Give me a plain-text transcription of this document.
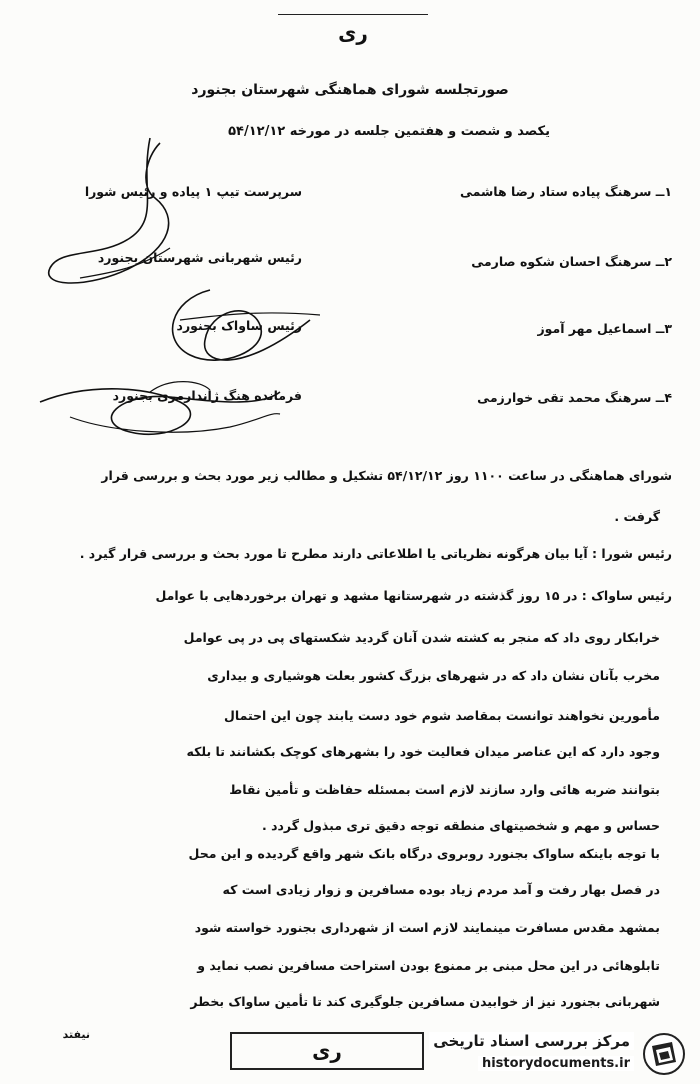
ری
صورتجلسه شورای هماهنگی شهرستان بجنورد
یکصد و شصت و هفتمین جلسه در مورخه ۵۴/۱۲/۱۲
۱ــ سرهنگ پیاده ستاد رضا هاشمی
سرپرست تیپ ۱ پیاده و رئیس شورا
۲ــ سرهنگ احسان شکوه صارمی
رئیس شهربانی شهرستان بجنورد
۳ــ اسماعیل مهر آموز
رئیس ساواک بجنورد
۴ــ سرهنگ محمد تقی خوارزمی
فرمانده هنگ ژاندارمری بجنورد
شورای هماهنگی در ساعت ۱۱۰۰ روز ۵۴/۱۲/۱۲ تشکیل و مطالب زیر مورد بحث و بررسی قرار
گرفت .
رئیس شورا : آیا بیان هرگونه نظریاتی یا اطلاعاتی دارند مطرح تا مورد بحث و بررسی قرار گیرد .
رئیس ساواک : در ۱۵ روز گذشته در شهرستانها مشهد و تهران برخوردهایی با عوامل
خرابکار روی داد که منجر به کشته شدن آنان گردید شکستهای پی در پی عوامل
مخرب بآنان نشان داد که در شهرهای بزرگ کشور بعلت هوشیاری و بیداری
مأمورین نخواهند توانست بمقاصد شوم خود دست یابند چون این احتمال
وجود دارد که این عناصر میدان فعالیت خود را بشهرهای کوچک بکشانند تا بلکه
بتوانند ضربه هائی وارد سازند لازم است بمسئله حفاظت و تأمین نقاط
حساس و مهم و شخصیتهای منطقه توجه دقیق تری مبذول گردد .
با توجه باینکه ساواک بجنورد روبروی درگاه بانک شهر واقع گردیده و این محل
در فصل بهار رفت و آمد مردم زیاد بوده مسافرین و زوار زیادی است که
بمشهد مقدس مسافرت مینمایند لازم است از شهرداری بجنورد خواسته شود
تابلوهائی در این محل مبنی بر ممنوع بودن استراحت مسافرین نصب نماید و
شهربانی بجنورد نیز از خوابیدن مسافرین جلوگیری کند تا تأمین ساواک بخطر
نیفتد
ری	مرکز بررسی اسناد تاریخی
historydocuments.ir
